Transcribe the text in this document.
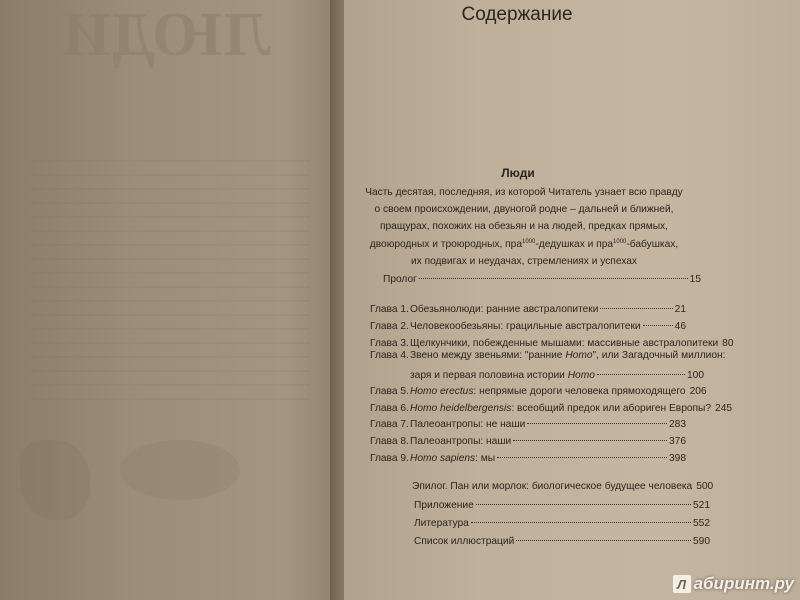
ЛЮДИ	Содержание
Люди
Часть десятая, последняя, из которой Читатель узнает всю правду
о своем происхождении, двуногой родне – дальней и ближней,
пращурах, похожих на обезьян и на людей, предках прямых,
двоюродных и троюродных, пра$^{1000}$-дедушках и пра$^{1000}$-бабушках,
их подвигах и неудачах, стремлениях и успехах
Пролог	15
Глава 1. Обезьянолюди: ранние австралопитеки	21
Глава 2. Человекообезьяны: грацильные австралопитеки	46
Глава 3. Щелкунчики, побежденные мышами: массивные австралопитеки 80
Глава 4. Звено между звеньями: "ранние Homo", или Загадочный миллион:
заря и первая половина истории Homo	100
Глава 5. Homo erectus: непрямые дороги человека прямоходящего 206
Глава 6. Homo heidelbergensis: всеобщий предок или абориген Европы? 245
Глава 7. Палеоантропы: не наши	283
Глава 8. Палеоантропы: наши	376
Глава 9. Homo sapiens: мы	398
Эпилог. Пан или морлок: биологическое будущее человека 500
Приложение	521
Литература	552
Список иллюстраций	590
Л абиринт.ру
